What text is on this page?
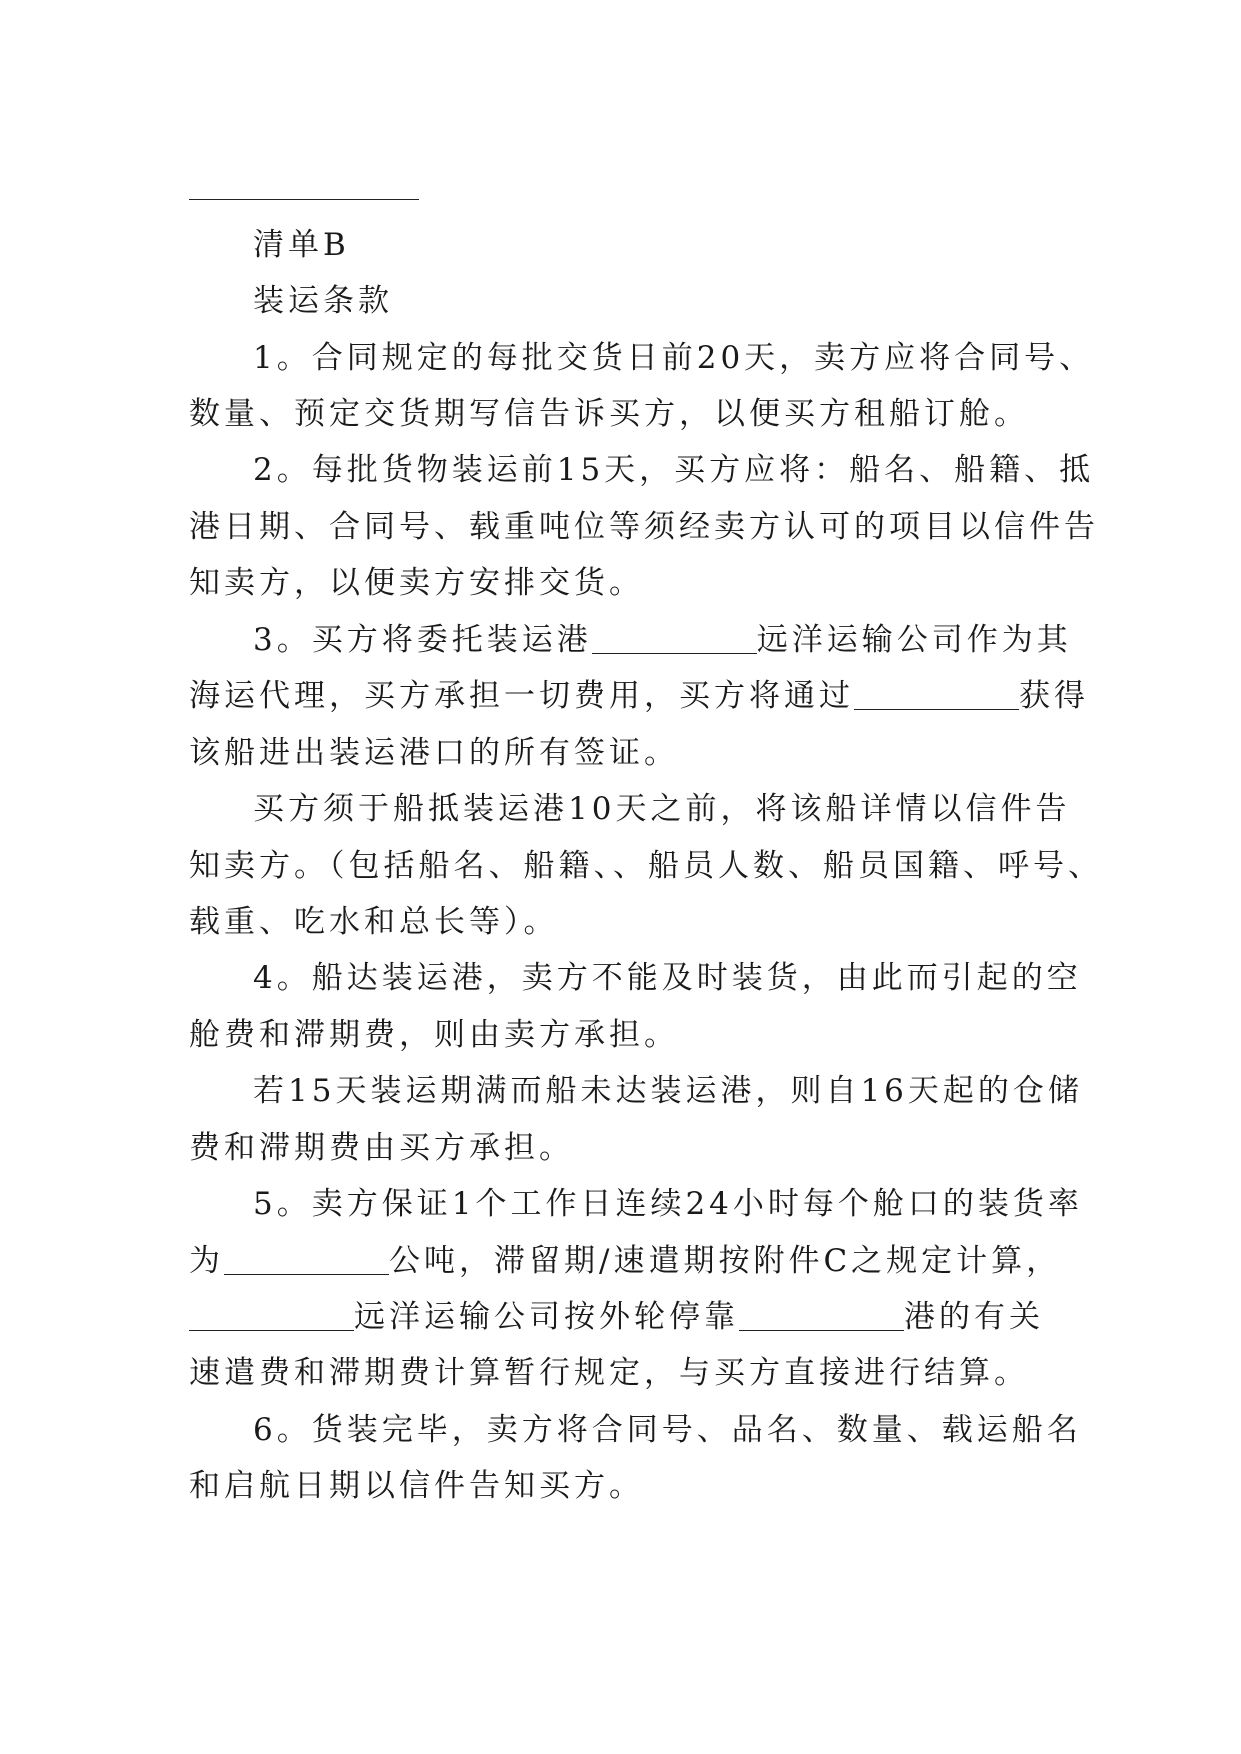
清单B
装运条款
1。合同规定的每批交货日前20天，卖方应将合同号、
数量、预定交货期写信告诉买方，以便买方租船订舱。
2。每批货物装运前15天，买方应将：船名、船籍、抵
港日期、合同号、载重吨位等须经卖方认可的项目以信件告
知卖方，以便卖方安排交货。
3。买方将委托装运港	远洋运输公司作为其
海运代理，买方承担一切费用，买方将通过	获得
该船进出装运港口的所有签证。
买方须于船抵装运港10天之前，将该船详情以信件告
知卖方。（包括船名、船籍、、船员人数、船员国籍、呼号、
载重、吃水和总长等）。
4。船达装运港，卖方不能及时装货，由此而引起的空
舱费和滞期费，则由卖方承担。
若15天装运期满而船未达装运港，则自16天起的仓储
费和滞期费由买方承担。
5。卖方保证1个工作日连续24小时每个舱口的装货率
为	公吨，滞留期/速遣期按附件C之规定计算，
远洋运输公司按外轮停靠	港的有关
速遣费和滞期费计算暂行规定，与买方直接进行结算。
6。货装完毕，卖方将合同号、品名、数量、载运船名
和启航日期以信件告知买方。
